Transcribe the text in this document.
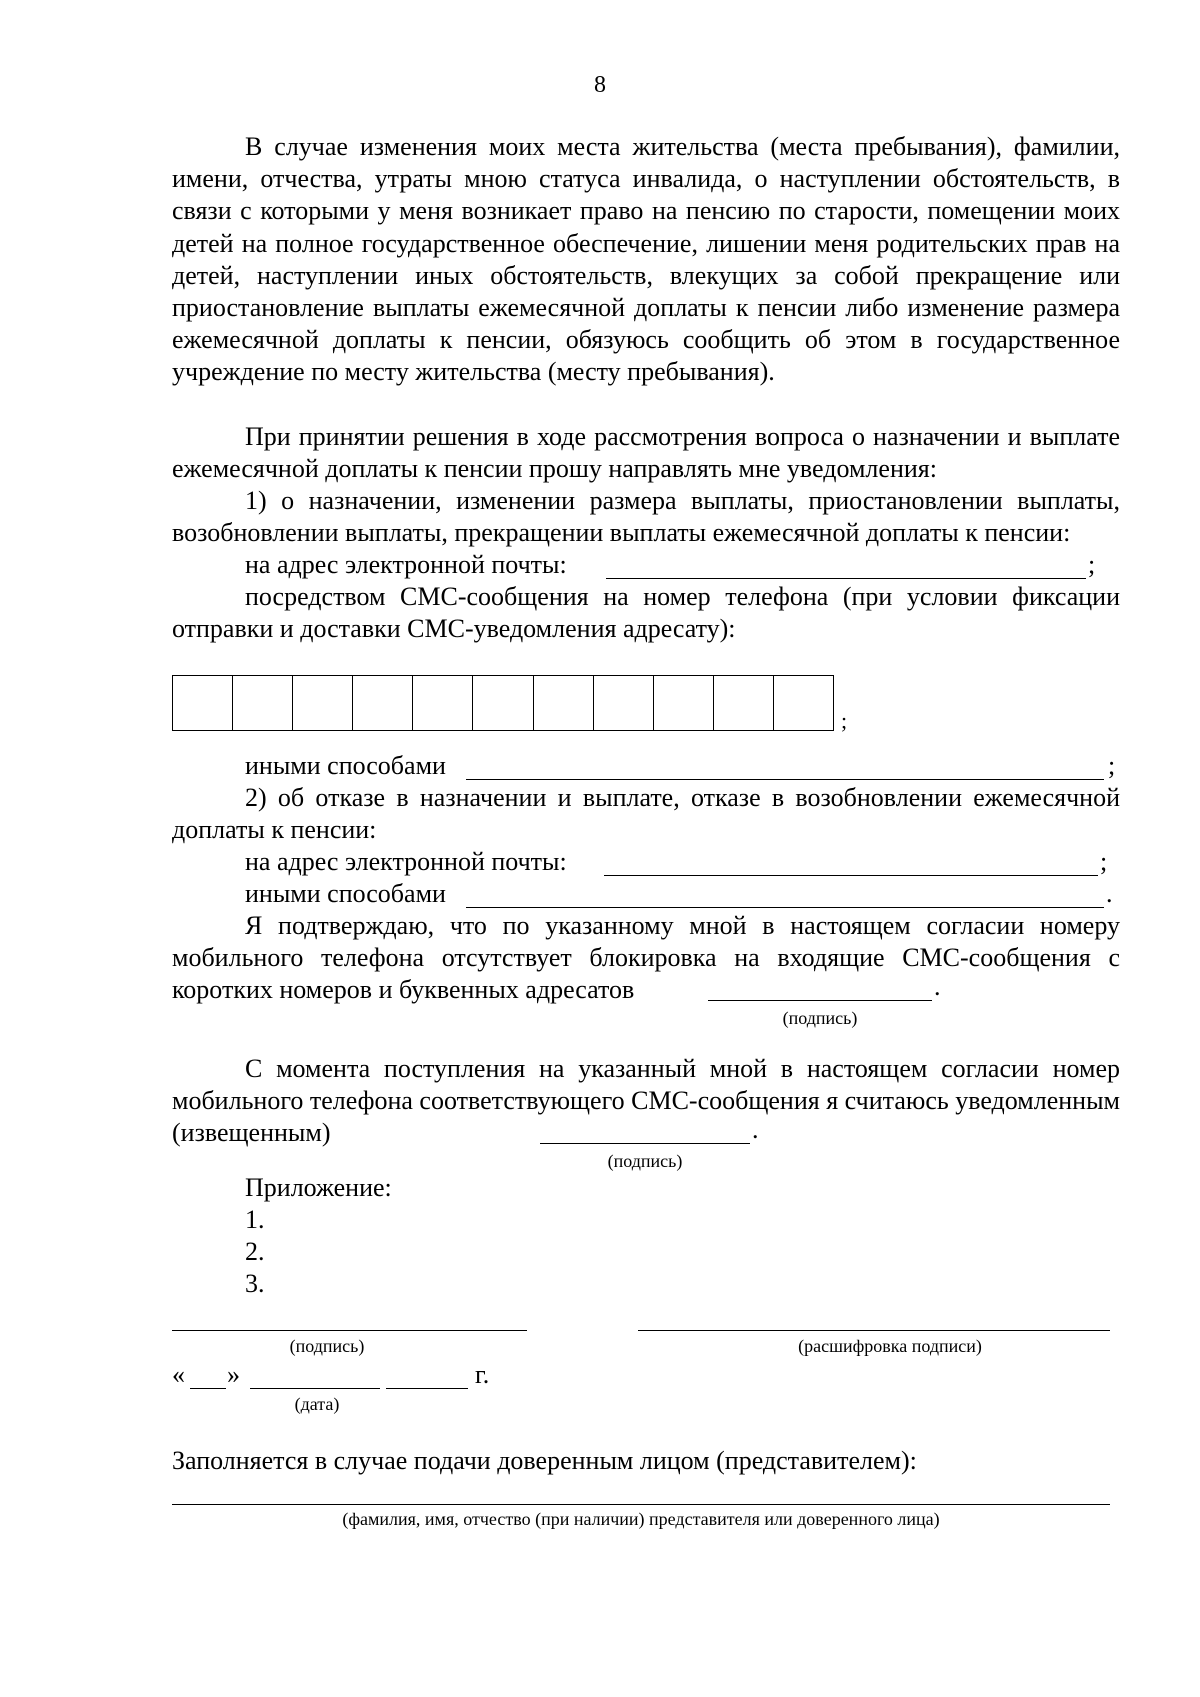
8

В случае изменения моих места жительства (места пребывания), фамилии, имени, отчества, утраты мною статуса инвалида, о наступлении обстоятельств, в связи с которыми у меня возникает право на пенсию по старости, помещении моих детей на полное государственное обеспечение, лишении меня родительских прав на детей, наступлении иных обстоятельств, влекущих за собой прекращение или приостановление выплаты ежемесячной доплаты к пенсии либо изменение размера ежемесячной доплаты к пенсии, обязуюсь сообщить об этом в государственное учреждение по месту жительства (месту пребывания).

При принятии решения в ходе рассмотрения вопроса о назначении и выплате ежемесячной доплаты к пенсии прошу направлять мне уведомления:

1) о назначении, изменении размера выплаты, приостановлении выплаты, возобновлении выплаты, прекращении выплаты ежемесячной доплаты к пенсии:

на адрес электронной почты:	;

посредством СМС-сообщения на номер телефона (при условии фиксации отправки и доставки СМС-уведомления адресату):

;
иными способами	;

2) об отказе в назначении и выплате, отказе в возобновлении ежемесячной доплаты к пенсии:

на адрес электронной почты:	;
иными способами	.

Я подтверждаю, что по указанному мной в настоящем согласии номеру мобильного телефона отсутствует блокировка на входящие СМС-сообщения с коротких номеров и буквенных адресатов	.
(подпись)

С момента поступления на указанный мной в настоящем согласии номер мобильного телефона соответствующего СМС-сообщения я считаюсь уведомленным (извещенным)	.
(подпись)
Приложение:
1.
2.
3.
(подпись)	(расшифровка подписи)
« »	г.
(дата)
Заполняется в случае подачи доверенным лицом (представителем):
(фамилия, имя, отчество (при наличии) представителя или доверенного лица)
